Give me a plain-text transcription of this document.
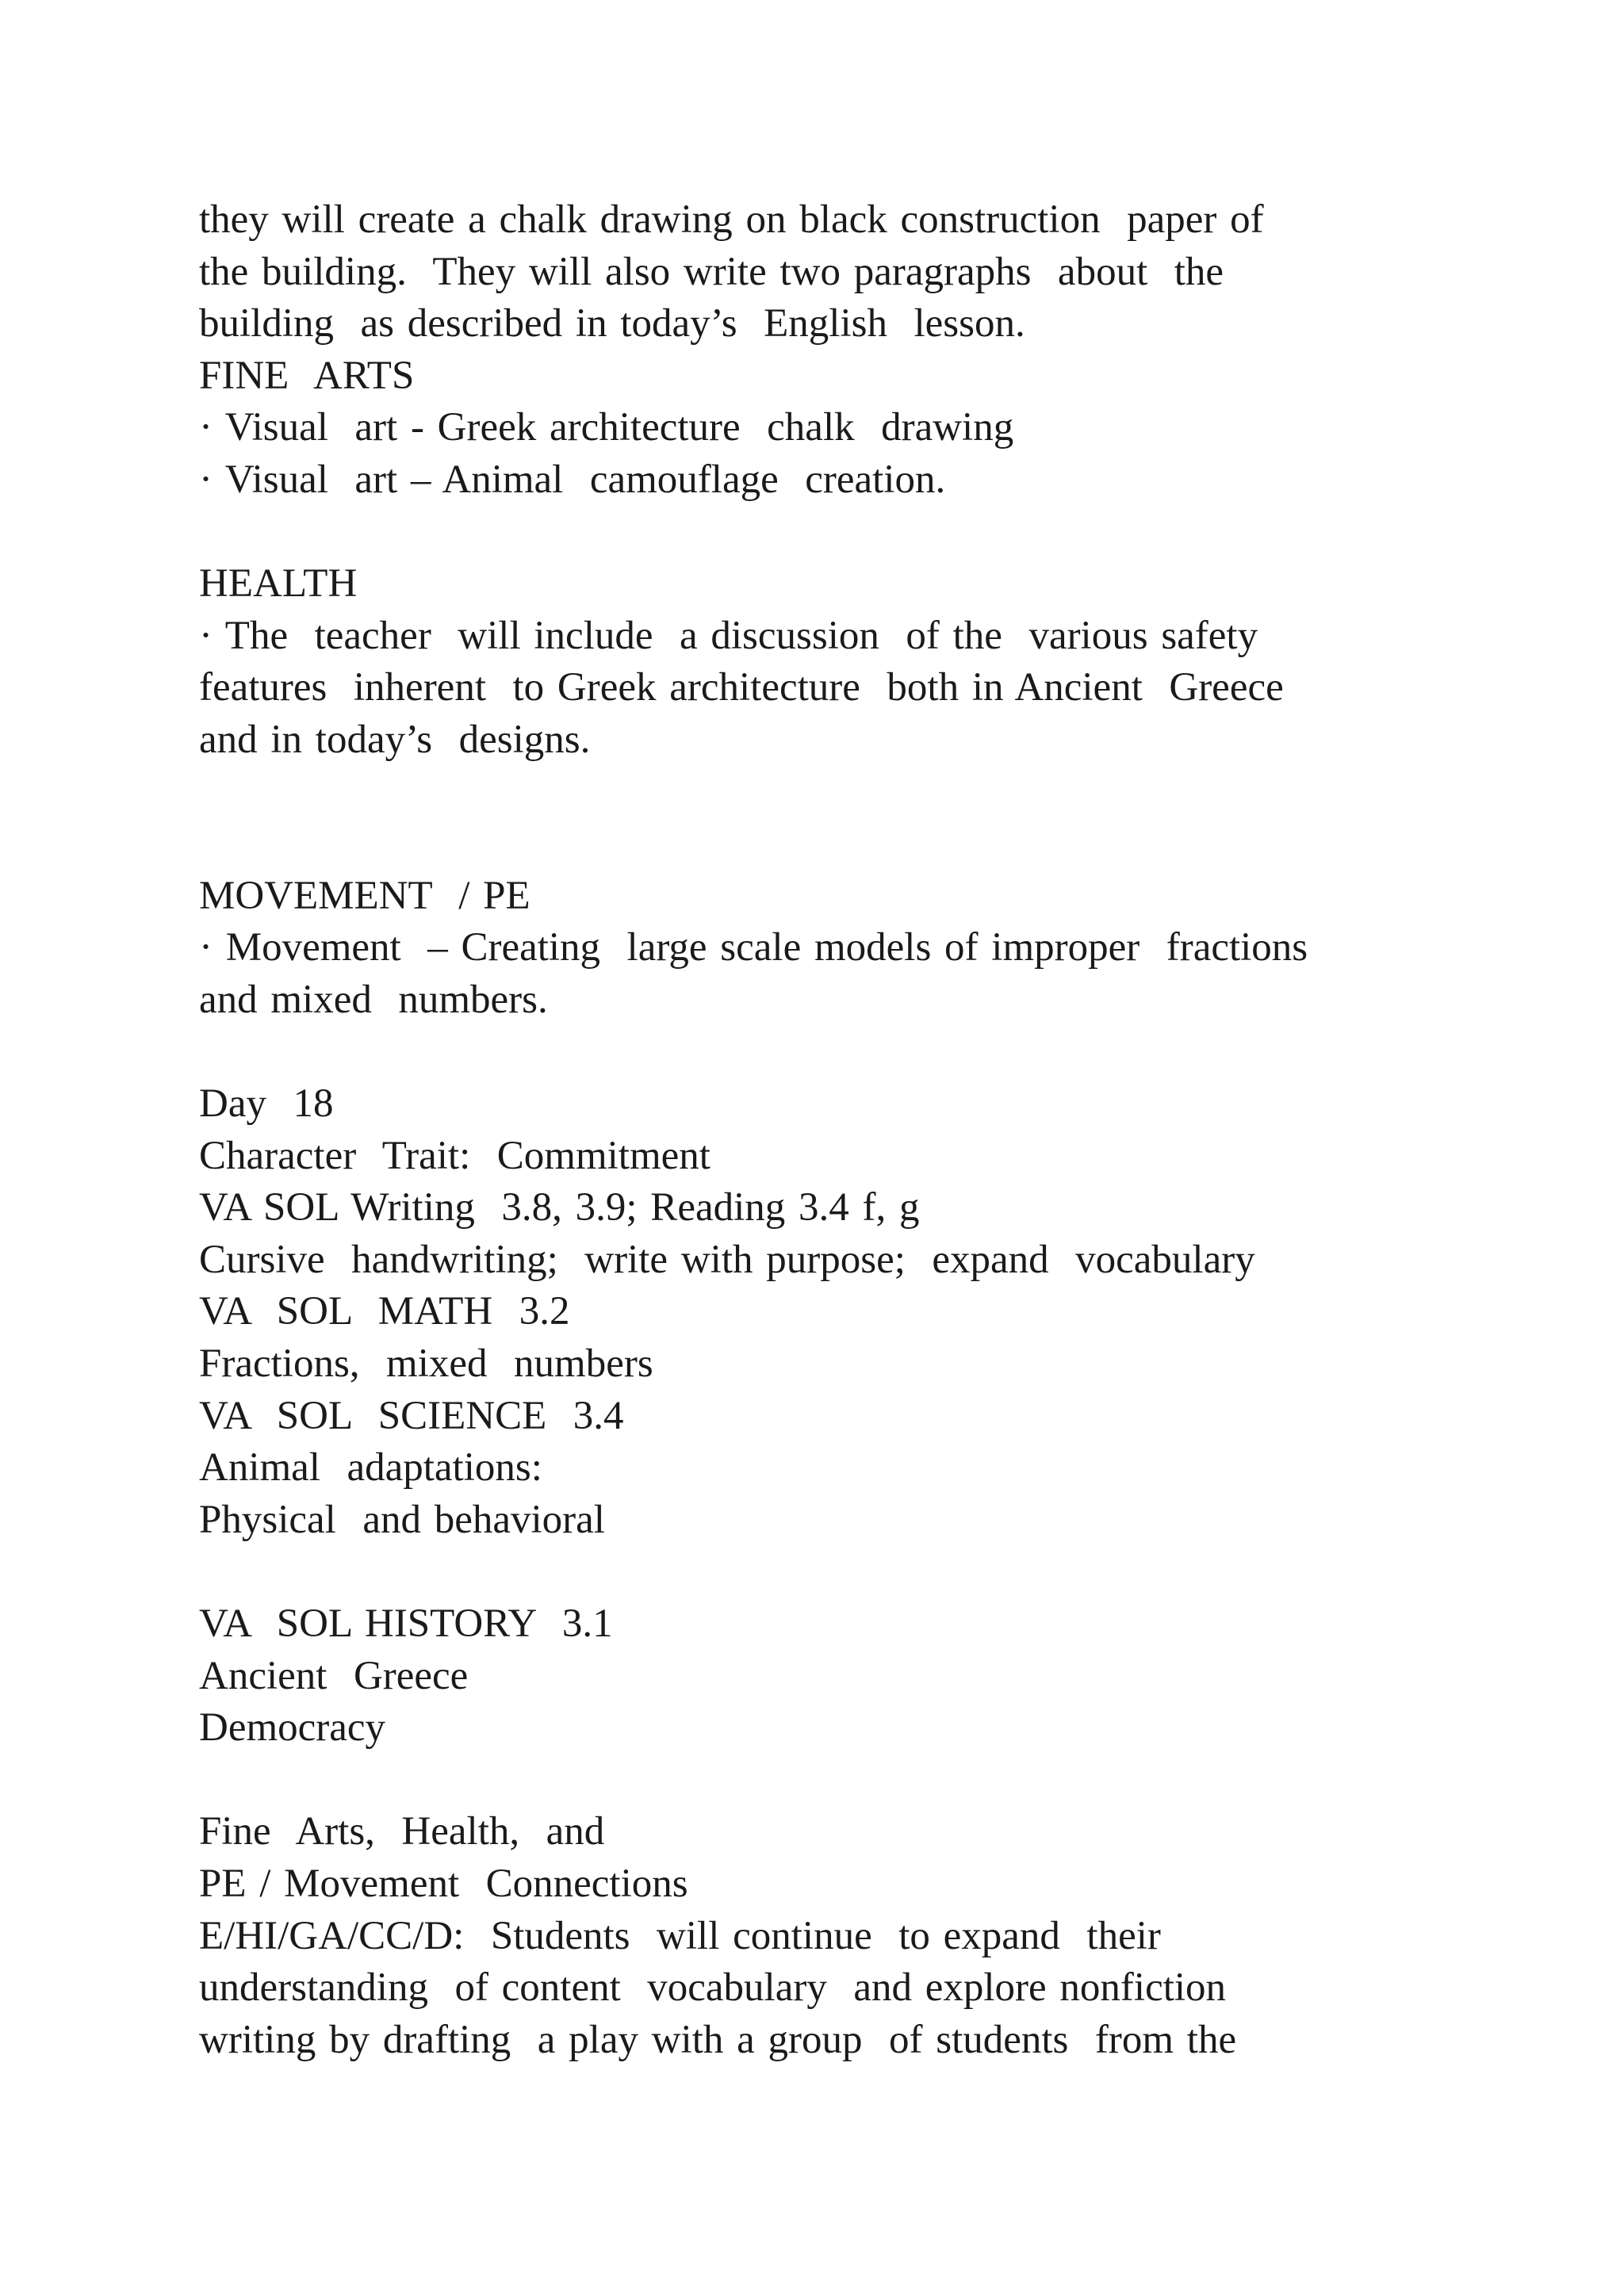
they will create a chalk drawing on black construction  paper of
the building.  They will also write two paragraphs  about  the
building  as described in today’s  English  lesson.
FINE  ARTS
· Visual  art - Greek architecture  chalk  drawing
· Visual  art – Animal  camouflage  creation.
HEALTH
· The  teacher  will include  a discussion  of the  various safety
features  inherent  to Greek architecture  both in Ancient  Greece
and in today’s  designs.
MOVEMENT  / PE
· Movement  – Creating  large scale models of improper  fractions
and mixed  numbers.
Day  18
Character  Trait:  Commitment
VA SOL Writing  3.8, 3.9; Reading 3.4 f, g
Cursive  handwriting;  write with purpose;  expand  vocabulary
VA  SOL  MATH  3.2
Fractions,  mixed  numbers
VA  SOL  SCIENCE  3.4
Animal  adaptations:
Physical  and behavioral
VA  SOL HISTORY  3.1
Ancient  Greece
Democracy
Fine  Arts,  Health,  and
PE / Movement  Connections
E/HI/GA/CC/D:  Students  will continue  to expand  their
understanding  of content  vocabulary  and explore nonfiction
writing by drafting  a play with a group  of students  from the
